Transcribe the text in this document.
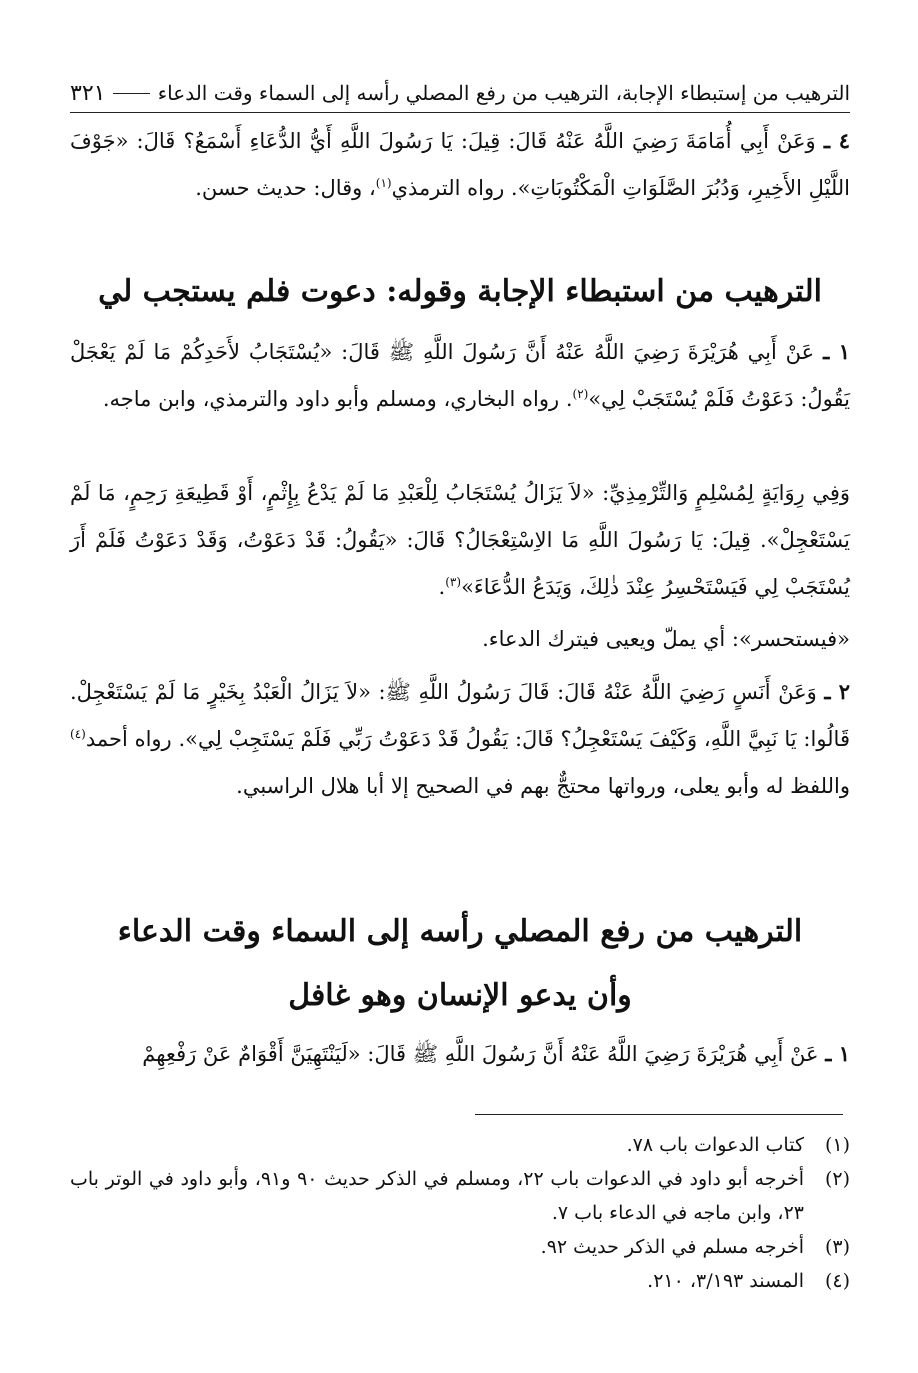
الترهيب من إستبطاء الإجابة، الترهيب من رفع المصلي رأسه إلى السماء وقت الدعاء
٣٢١
٤ ـ وَعَنْ أَبِي أُمَامَةَ رَضِيَ اللَّهُ عَنْهُ قَالَ: قِيلَ: يَا رَسُولَ اللَّهِ أَيُّ الدُّعَاءِ أَسْمَعُ؟ قَالَ: «جَوْفَ اللَّيْلِ الأَخِيرِ، وَدُبُرَ الصَّلَوَاتِ الْمَكْتُوبَاتِ». رواه الترمذي$^{(١)}$، وقال: حديث حسن.
الترهيب من استبطاء الإجابة وقوله: دعوت فلم يستجب لي
١ ـ عَنْ أَبِي هُرَيْرَةَ رَضِيَ اللَّهُ عَنْهُ أَنَّ رَسُولَ اللَّهِ ﷺ قَالَ: «يُسْتَجَابُ لأَحَدِكُمْ مَا لَمْ يَعْجَلْ يَقُولُ: دَعَوْتُ فَلَمْ يُسْتَجَبْ لِي»$^{(٢)}$. رواه البخاري، ومسلم وأبو داود والترمذي، وابن ماجه.
وَفِي رِوَايَةٍ لِمُسْلِمٍ وَالتِّرْمِذِيِّ: «لاَ يَزَالُ يُسْتَجَابُ لِلْعَبْدِ مَا لَمْ يَدْعُ بِإِثْمٍ، أَوْ قَطِيعَةِ رَحِمٍ، مَا لَمْ يَسْتَعْجِلْ». قِيلَ: يَا رَسُولَ اللَّهِ مَا الاِسْتِعْجَالُ؟ قَالَ: «يَقُولُ: قَدْ دَعَوْتُ، وَقَدْ دَعَوْتُ فَلَمْ أَرَ يُسْتَجَبْ لِي فَيَسْتَحْسِرُ عِنْدَ ذٰلِكَ، وَيَدَعُ الدُّعَاءَ»$^{(٣)}$.
«فيستحسر»: أي يملّ ويعيى فيترك الدعاء.
٢ ـ وَعَنْ أَنَسٍ رَضِيَ اللَّهُ عَنْهُ قَالَ: قَالَ رَسُولُ اللَّهِ ﷺ: «لاَ يَزَالُ الْعَبْدُ بِخَيْرٍ مَا لَمْ يَسْتَعْجِلْ. قَالُوا: يَا نَبِيَّ اللَّهِ، وَكَيْفَ يَسْتَعْجِلُ؟ قَالَ: يَقُولُ قَدْ دَعَوْتُ رَبِّي فَلَمْ يَسْتَجِبْ لِي». رواه أحمد$^{(٤)}$ واللفظ له وأبو يعلى، ورواتها محتجٌّ بهم في الصحيح إلا أبا هلال الراسبي.
الترهيب من رفع المصلي رأسه إلى السماء وقت الدعاء
وأن يدعو الإنسان وهو غافل
١ ـ عَنْ أَبِي هُرَيْرَةَ رَضِيَ اللَّهُ عَنْهُ أَنَّ رَسُولَ اللَّهِ ﷺ قَالَ: «لَيَنْتَهِيَنَّ أَقْوَامٌ عَنْ رَفْعِهِمْ
(١)
كتاب الدعوات باب ٧٨.
(٢)
أخرجه أبو داود في الدعوات باب ٢٢، ومسلم في الذكر حديث ٩٠ و٩١، وأبو داود في الوتر باب ٢٣، وابن ماجه في الدعاء باب ٧.
(٣)
أخرجه مسلم في الذكر حديث ٩٢.
(٤)
المسند ٣/١٩٣، ٢١٠.
